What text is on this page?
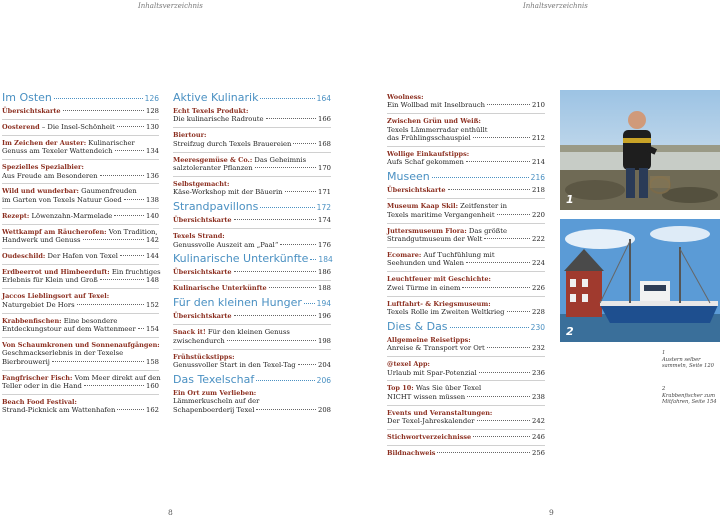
Inhaltsverzeichnis	Inhaltsverzeichnis
Im Osten	126
Übersichtskarte	128
Oosterend
– Die Insel-Schönheit	130
Im Zeichen der Auster: Kulinarischer
Genuss am Texeler Wattendeich	134
Spezielles Spezialbier:
Aus Freude am Besonderen	136
Wild und wunderbar: Gaumenfreuden
im Garten von Texels Natuur Goed	138
Rezept:
Löwenzahn-Marmelade	140
Wettkampf am Räucherofen: Von Tradition,
Handwerk und Genuss	142
Oudeschild:
Der Hafen von Texel	144
Erdbeerrot und Himbeerduft: Ein fruchtiges
Erlebnis für Klein und Groß	148
Jaccos Lieblingsort auf Texel:
Naturgebiet De Hors	152
Krabbenfischen: Eine besondere
Entdeckungstour auf dem Wattenmeer 154
Von Schaumkronen und Sonnenaufgängen:
Geschmackserlebnis in der Texelse
Bierbrouwerij	158
Fangfrischer Fisch: Vom Meer direkt auf den
Teller oder in die Hand	160
Beach Food Festival:
Strand-Picknick am Wattenhafen	162
Aktive Kulinarik	164
Echt Texels Produkt:
Die kulinarische Radroute	166
Biertour:
Streifzug durch Texels Brauereien	168
Meeresgemüse & Co.: Das Geheimnis
salztoleranter Pflanzen	170
Selbstgemacht:
Käse-Workshop mit der Bäuerin	171
Strandpavillons	172
Übersichtskarte	174
Texels Strand:
Genussvolle Auszeit am „Paal“	176
Kulinarische Unterkünfte 184
Übersichtskarte	186
Kulinarische Unterkünfte	188
Für den kleinen Hunger 194
Übersichtskarte	196
Snack it! Für den kleinen Genuss
zwischendurch	198
Frühstückstipps:
Genussvoller Start in den Texel-Tag	204
Das Texelschaf	206
Ein Ort zum Verlieben:
Lämmerkuscheln auf der
Schapenboerderij Texel	208
Woolness:
Ein Wollbad mit Inselbrauch	210
Zwischen Grün und Weiß:
Texels Lämmerradar enthüllt
das Frühlingsschauspiel	212
Wollige Einkaufstipps:
Aufs Schaf gekommen	214
Museen	216
Übersichtskarte	218
Museum Kaap Skil: Zeitfenster in
Texels maritime Vergangenheit	220
Juttersmuseum Flora: Das größte
Strandgutmuseum der Welt	222
Ecomare: Auf Tuchfühlung mit
Seehunden und Walen	224
Leuchtfeuer mit Geschichte:
Zwei Türme in einem	226
Luftfahrt- & Kriegsmuseum:
Texels Rolle im Zweiten Weltkrieg	228
Dies & Das	230
Allgemeine Reisetipps:
Anreise & Transport vor Ort	232
@texel App:
Urlaub mit Spar-Potenzial	236
Top 10: Was Sie über Texel
NICHT wissen müssen	238
Events und Veranstaltungen:
Der Texel-Jahreskalender	242
Stichwortverzeichnisse	246
Bildnachweis	256
1
2
1
Austern selber
sammeln, Seite 120
2
Krabbenfischer zum
Mitfahren, Seite 154
8	9
